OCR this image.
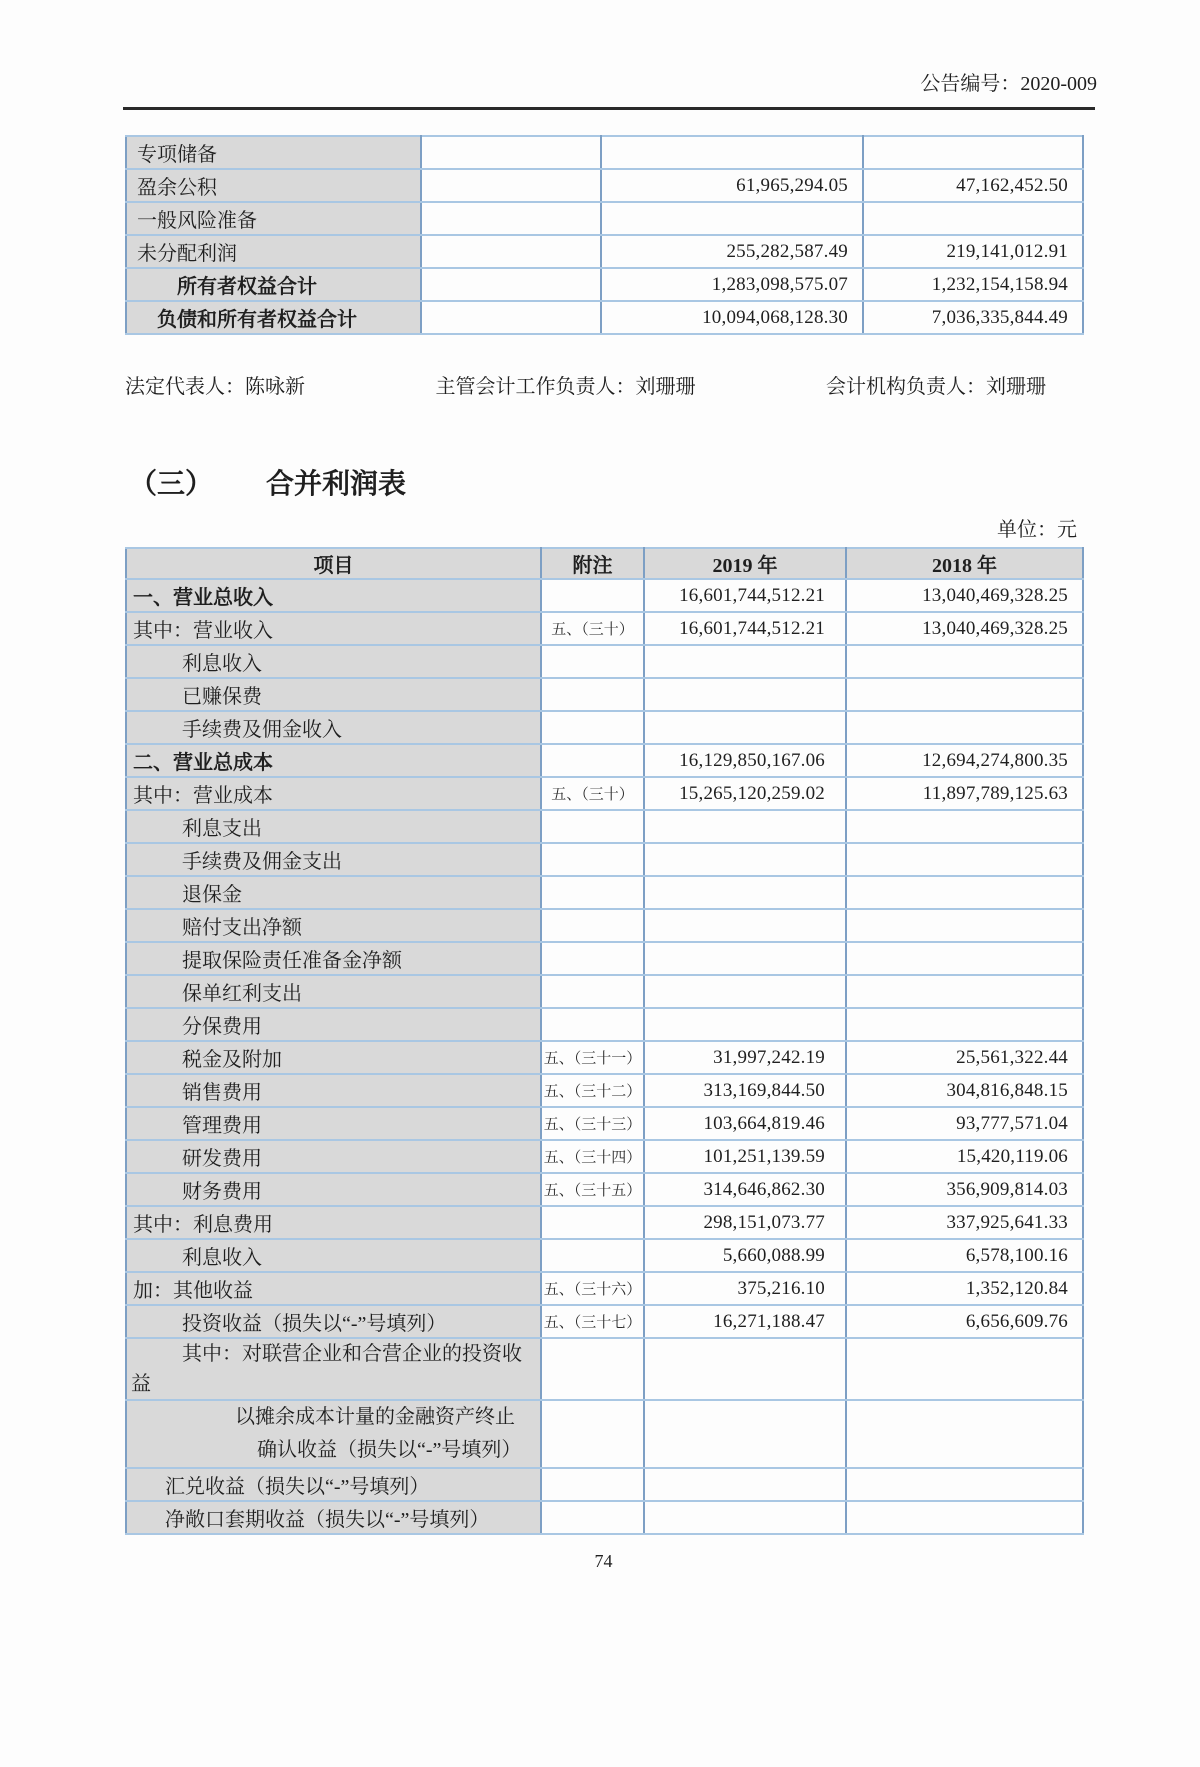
公告编号：2020-009
专项储备			
盈余公积		61,965,294.05	47,162,452.50
一般风险准备			
未分配利润		255,282,587.49	219,141,012.91
所有者权益合计		1,283,098,575.07	1,232,154,158.94
负债和所有者权益合计		10,094,068,128.30	7,036,335,844.49
法定代表人：陈咏新	主管会计工作负责人：刘珊珊	会计机构负责人：刘珊珊
（三） 合并利润表
单位：元
项目	附注	2019 年	2018 年
一、营业总收入		16,601,744,512.21	13,040,469,328.25
其中：营业收入	五、（三十）	16,601,744,512.21	13,040,469,328.25
利息收入			
已赚保费			
手续费及佣金收入			
二、营业总成本		16,129,850,167.06	12,694,274,800.35
其中：营业成本	五、（三十）	15,265,120,259.02	11,897,789,125.63
利息支出			
手续费及佣金支出			
退保金			
赔付支出净额			
提取保险责任准备金净额			
保单红利支出			
分保费用			
税金及附加	五、（三十一）	31,997,242.19	25,561,322.44
销售费用	五、（三十二）	313,169,844.50	304,816,848.15
管理费用	五、（三十三）	103,664,819.46	93,777,571.04
研发费用	五、（三十四）	101,251,139.59	15,420,119.06
财务费用	五、（三十五）	314,646,862.30	356,909,814.03
其中：利息费用		298,151,073.77	337,925,641.33
利息收入		5,660,088.99	6,578,100.16
加：其他收益	五、（三十六）	375,216.10	1,352,120.84
投资收益（损失以“-”号填列）	五、（三十七）	16,271,188.47	6,656,609.76

其中：对联营企业和合营企业的投资收
益			

以摊余成本计量的金融资产终止
确认收益（损失以“-”号填列）			

汇兑收益（损失以“-”号填列）			
净敞口套期收益（损失以“-”号填列）			
74
